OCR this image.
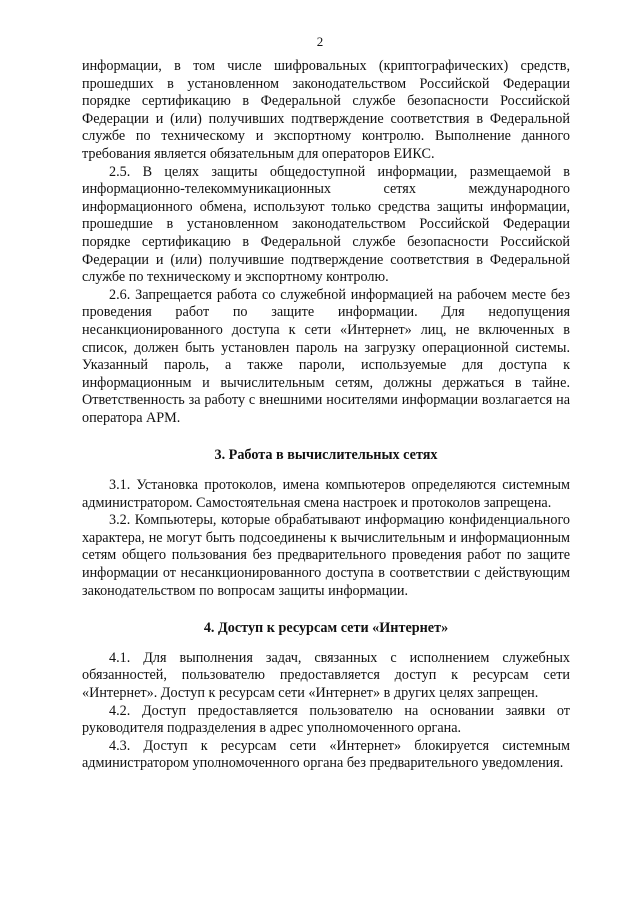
2

информации, в том числе шифровальных (криптографических) средств, прошедших в установленном законодательством Российской Федерации порядке сертификацию в Федеральной службе безопасности Российской Федерации и (или) получивших подтверждение соответствия в Федеральной службе по техническому и экспортному контролю. Выполнение данного требования является обязательным для операторов ЕИКС.

2.5. В целях защиты общедоступной информации, размещаемой в информационно-телекоммуникационных сетях международного информационного обмена, используют только средства защиты информации, прошедшие в установленном законодательством Российской Федерации порядке сертификацию в Федеральной службе безопасности Российской Федерации и (или) получившие подтверждение соответствия в Федеральной службе по техническому и экспортному контролю.

2.6. Запрещается работа со служебной информацией на рабочем месте без проведения работ по защите информации. Для недопущения несанкционированного доступа к сети «Интернет» лиц, не включенных в список, должен быть установлен пароль на загрузку операционной системы. Указанный пароль, а также пароли, используемые для доступа к информационным и вычислительным сетям, должны держаться в тайне. Ответственность за работу с внешними носителями информации возлагается на оператора АРМ.

3. Работа в вычислительных сетях

3.1. Установка протоколов, имена компьютеров определяются системным администратором. Самостоятельная смена настроек и протоколов запрещена.

3.2. Компьютеры, которые обрабатывают информацию конфиденциального характера, не могут быть подсоединены к вычислительным и информационным сетям общего пользования без предварительного проведения работ по защите информации от несанкционированного доступа в соответствии с действующим законодательством по вопросам защиты информации.

4. Доступ к ресурсам сети «Интернет»

4.1. Для выполнения задач, связанных с исполнением служебных обязанностей, пользователю предоставляется доступ к ресурсам сети «Интернет». Доступ к ресурсам сети «Интернет» в других целях запрещен.

4.2. Доступ предоставляется пользователю на основании заявки от руководителя подразделения в адрес уполномоченного органа.

4.3. Доступ к ресурсам сети «Интернет» блокируется системным администратором уполномоченного органа без предварительного уведомления.
